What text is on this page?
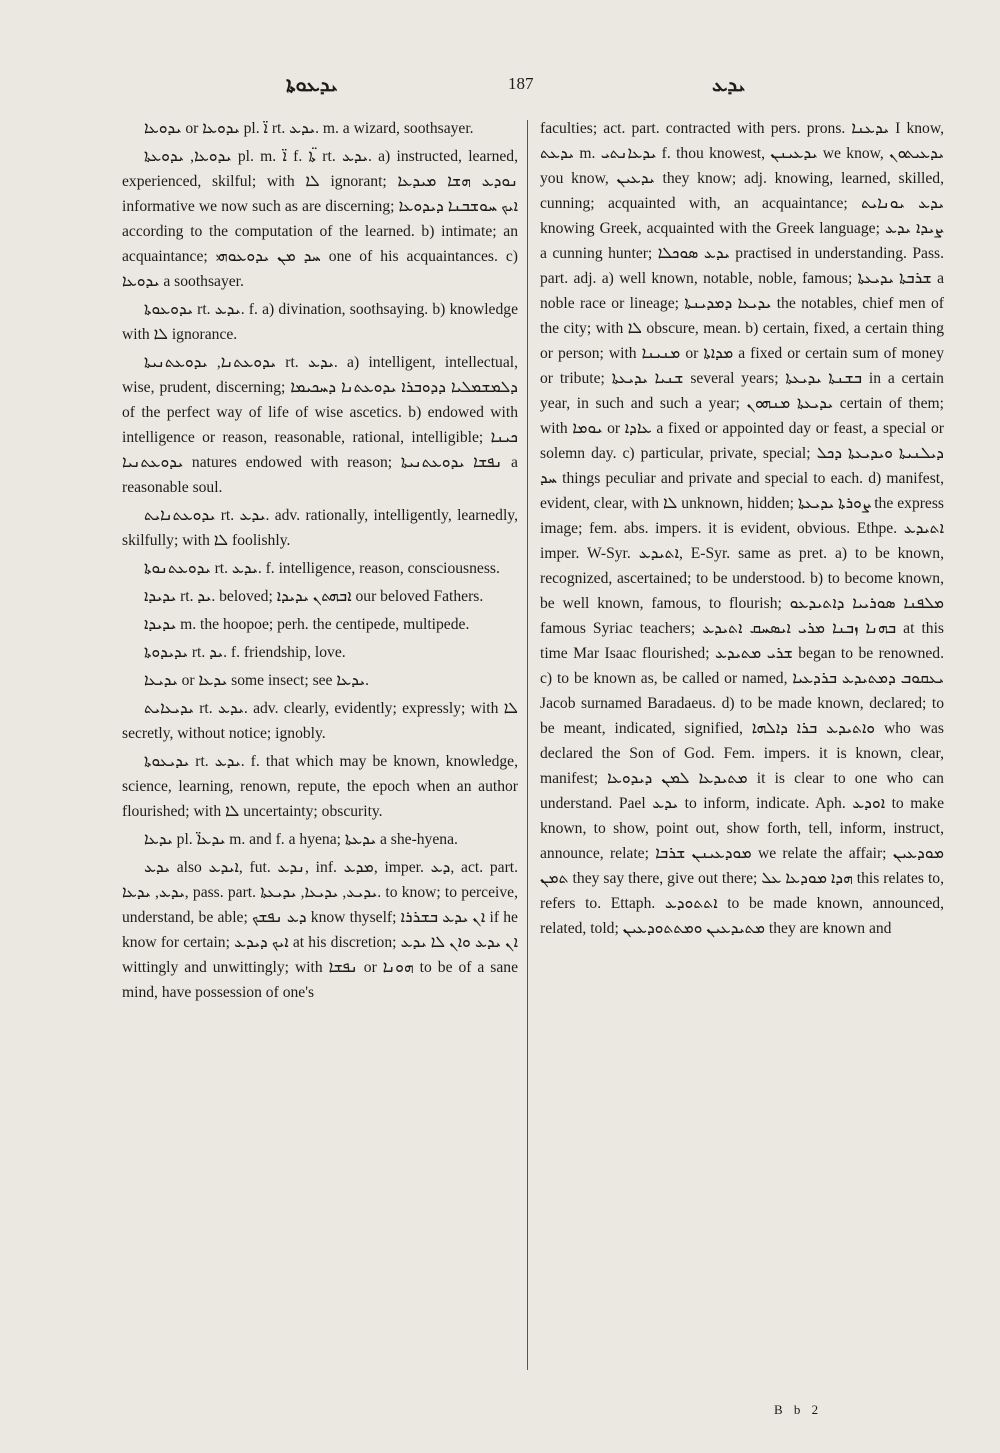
ܝܕܥܘܬܐ	187	ܝܕܥ

ܝܕܘܥܐ or ܝܕܘܥܐ pl. ܐ̈ rt. ܝܕܥ. m. a wizard, soothsayer.

ܝܕܘܥܐ, ܝܕܘܥܬܐ pl. m. ܐ̈ f. ܬܐ̈ rt. ܝܕܥ. a) instructed, learned, experienced, skilful; with ܠܐ ignorant; ܢܘܕܥ ܗܫܐ ܡܝܕܥܐ informative we now such as are discerning; ܐܝܟ ܚܘܫܒܢܐ ܕܝܕܘܥܐ according to the computation of the learned. b) intimate; an acquaintance; ܚܕ ܡܢ ܝܕܘܥܘܗܝ one of his acquaintances. c) ܝܕܘܥܐ a soothsayer.

ܝܕܘܥܘܬܐ rt. ܝܕܥ. f. a) divination, soothsaying. b) knowledge with ܠܐ ignorance.

ܝܕܘܥܬܢܐ, ܝܕܘܥܬܢܝܬܐ rt. ܝܕܥ. a) intelligent, intellectual, wise, prudent, discerning; ܕܠܡܫܡܠܝܐ ܕܕܘܒܪܐ ܝܕܘܥܬܢܐ ܕܚܟܝܡܐ of the perfect way of life of wise ascetics. b) endowed with intelligence or reason, reasonable, rational, intelligible; ܟܝܢܐ ܝܕܘܥܬܢܝܐ natures endowed with reason; ܢܦܫܐ ܝܕܘܥܬܢܝܬܐ a reasonable soul.

ܝܕܘܥܬܢܐܝܬ rt. ܝܕܥ. adv. rationally, intelligently, learnedly, skilfully; with ܠܐ foolishly.

ܝܕܘܥܬܢܘܬܐ rt. ܝܕܥ. f. intelligence, reason, consciousness.

ܝܕܝܕܐ rt. ܝܕ. beloved; ܐܒܗܬܢ ܝܕܝܕܐ our beloved Fathers.

ܝܕܝܕܐ m. the hoopoe; perh. the centipede, multipede.

ܝܕܝܕܘܬܐ rt. ܝܕ. f. friendship, love.

ܝܕܝܥܐ or ܝܕܥܐ some insect; see ܝܕܥܐ.

ܝܕܝܥܐܝܬ rt. ܝܕܥ. adv. clearly, evidently; expressly; with ܠܐ secretly, without notice; ignobly.

ܝܕܝܥܘܬܐ rt. ܝܕܥ. f. that which may be known, knowledge, science, learning, renown, repute, the epoch when an author flourished; with ܠܐ uncertainty; obscurity.

ܝܕܥܐ pl. ܝܕܥܐ̈ m. and f. a hyena; ܝܕܥܬܐ a she-hyena.

ܝܕܥ also ܐܝܕܥ, fut. ܢܕܥ, inf. ܡܕܥ, imper. ܕܥ, act. part. ܝܕܥ, ܝܕܥܐ, pass. part. ܝܕܝܥ, ܝܕܝܥܐ, ܝܕܝܥܬܐ. to know; to perceive, understand, be able; ܕܥ ܢܦܫܟ know thyself; ܐܢ ܝܕܥ ܒܫܪܪܐ if he know for certain; ܐܝܟ ܕܝܕܥ at his discretion; ܐܢ ܝܕܥ ܘܐܢ ܠܐ ܝܕܥ wittingly and unwittingly; with ܢܦܫܐ or ܗܘܢܐ to be of a sane mind, have possession of one's

faculties; act. part. contracted with pers. prons. ܝܕܥܢܐ I know, ܝܕܥܬ m. ܝܕܥܐܢܬܝ f. thou knowest, ܝܕܥܝܢܢ we know, ܝܕܥܝܬܘܢ you know, ܝܕܥܝܢ they know; adj. knowing, learned, skilled, cunning; acquainted with, an acquaintance; ܝܕܥ ܝܘܢܐܝܬ knowing Greek, acquainted with the Greek language; ܨܝܕܐ ܝܕܥ a cunning hunter; ܝܕܥ ܣܘܟܠܐ practised in understanding. Pass. part. adj. a) well known, notable, noble, famous; ܫܪܒܬܐ ܝܕܝܥܬܐ a noble race or lineage; ܝܕܝܥܐ ܕܡܕܝܢܬܐ the notables, chief men of the city; with ܠܐ obscure, mean. b) certain, fixed, a certain thing or person; with ܡܢܝܢܐ or ܡܕܐܬܐ a fixed or certain sum of money or tribute; ܫܢܝܐ ܝܕܝܥܬܐ several years; ܒܫܢܬܐ ܝܕܝܥܬܐ in a certain year, in such and such a year; ܝܕܝܥܬܐ ܡܢܗܘܢ certain of them; with ܝܘܡܐ or ܥܐܕܐ a fixed or appointed day or feast, a special or solemn day. c) particular, private, special; ܕܝܠܢܝܬܐ ܘܝܕܝܥܬܐ ܕܟܠ ܚܕ things peculiar and private and special to each. d) manifest, evident, clear, with ܠܐ unknown, hidden; ܨܘܪܬܐ ܝܕܝܥܬܐ the express image; fem. abs. impers. it is evident, obvious. Ethpe. ܐܬܝܕܥ imper. W-Syr. ܐܬܝܕܥ, E-Syr. same as pret. a) to be known, recognized, ascertained; to be understood. b) to become known, be well known, famous, to flourish; ܡܠܦܢܐ ܣܘܪܝܝܐ ܕܐܬܝܕܥܘ famous Syriac teachers; ܒܗܢܐ ܙܒܢܐ ܡܪܝ ܐܝܣܚܩ ܐܬܝܕܥ at this time Mar Isaac flourished; ܫܪܝ ܡܬܝܕܥ began to be renowned. c) to be known as, be called or named, ܝܥܩܘܒ ܕܡܬܝܕܥ ܒܪܕܥܝܐ Jacob surnamed Baradaeus. d) to be made known, declared; to be meant, indicated, signified, ܘܐܬܝܕܥ ܒܪܐ ܕܐܠܗܐ who was declared the Son of God. Fem. impers. it is known, clear, manifest; ܡܬܝܕܥܐ ܠܡܢ ܕܝܕܘܥܐ it is clear to one who can understand. Pael ܝܕܥ to inform, indicate. Aph. ܐܘܕܥ to make known, to show, point out, show forth, tell, inform, instruct, announce, relate; ܡܘܕܥܝܢܢ ܫܪܒܐ we relate the affair; ܡܘܕܥܝܢ ܬܡܢ they say there, give out there; ܗܕܐ ܡܘܕܥܐ ܥܠ this relates to, refers to. Ettaph. ܐܬܬܘܕܥ to be made known, announced, related, told; ܡܬܝܕܥܝܢ ܘܡܬܬܘܕܥܝܢ they are known and

B b 2
